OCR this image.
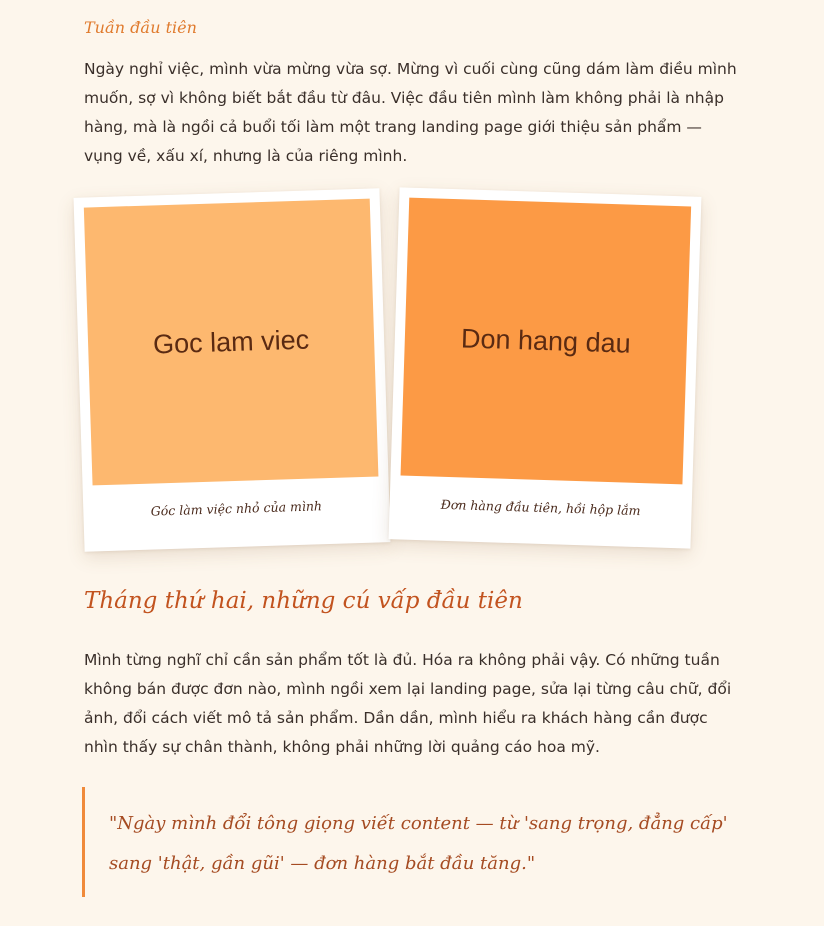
Tuần đầu tiên

Ngày nghỉ việc, mình vừa mừng vừa sợ. Mừng vì cuối cùng cũng dám làm điều mình muốn, sợ vì không biết bắt đầu từ đâu. Việc đầu tiên mình làm không phải là nhập hàng, mà là ngồi cả buổi tối làm một trang landing page giới thiệu sản phẩm — vụng về, xấu xí, nhưng là của riêng mình.

Goc lam viec
Góc làm việc nhỏ của mình
Don hang dau
Đơn hàng đầu tiên, hồi hộp lắm
Tháng thứ hai, những cú vấp đầu tiên

Mình từng nghĩ chỉ cần sản phẩm tốt là đủ. Hóa ra không phải vậy. Có những tuần không bán được đơn nào, mình ngồi xem lại landing page, sửa lại từng câu chữ, đổi ảnh, đổi cách viết mô tả sản phẩm. Dần dần, mình hiểu ra khách hàng cần được nhìn thấy sự chân thành, không phải những lời quảng cáo hoa mỹ.

"Ngày mình đổi tông giọng viết content — từ 'sang trọng, đẳng cấp' sang 'thật, gần gũi' — đơn hàng bắt đầu tăng."
